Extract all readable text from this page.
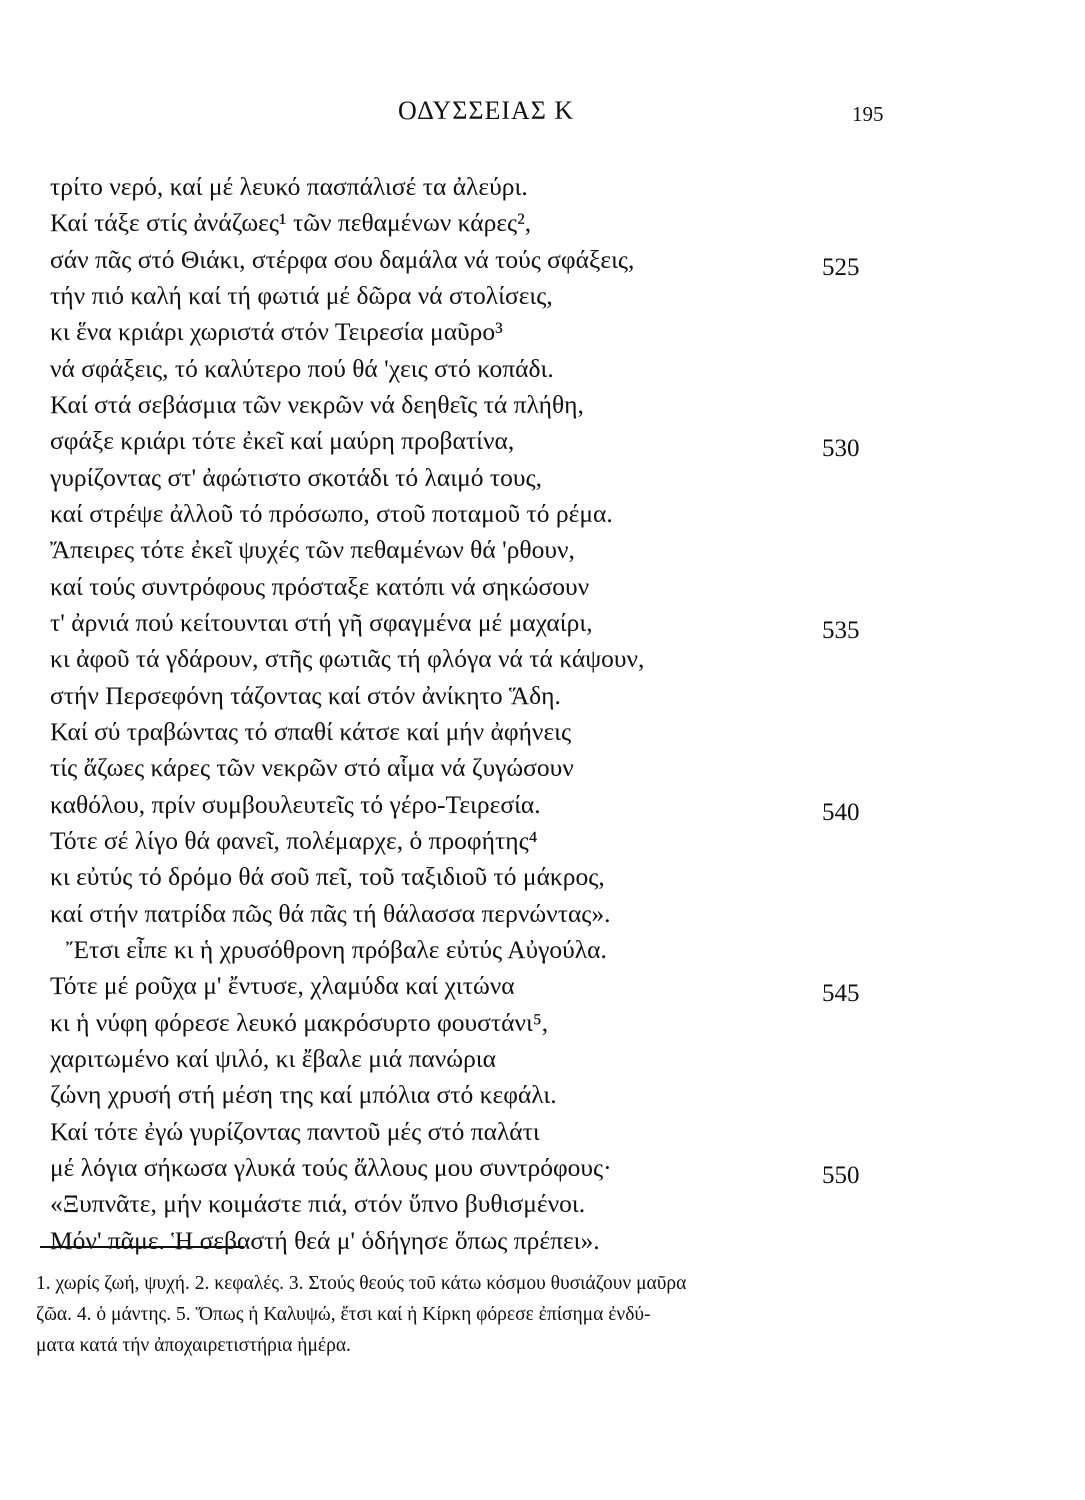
ΟΔΥΣΣΕΙΑΣ Κ	195
τρίτο νερό, καί μέ λευκό πασπάλισέ τα ἀλεύρι.
Καί τάξε στίς ἀνάζωες¹ τῶν πεθαμένων κάρες²,
σάν πᾶς στό Θιάκι, στέρφα σου δαμάλα νά τούς σφάξεις,	525
τήν πιό καλή καί τή φωτιά μέ δῶρα νά στολίσεις,
κι ἕνα κριάρι χωριστά στόν Τειρεσία μαῦρο³
νά σφάξεις, τό καλύτερο πού θά 'χεις στό κοπάδι.
Καί στά σεβάσμια τῶν νεκρῶν νά δεηθεῖς τά πλήθη,
σφάξε κριάρι τότε ἐκεῖ καί μαύρη προβατίνα,	530
γυρίζοντας στ' ἀφώτιστο σκοτάδι τό λαιμό τους,
καί στρέψε ἀλλοῦ τό πρόσωπο, στοῦ ποταμοῦ τό ρέμα.
Ἄπειρες τότε ἐκεῖ ψυχές τῶν πεθαμένων θά 'ρθουν,
καί τούς συντρόφους πρόσταξε κατόπι νά σηκώσουν
τ' ἀρνιά πού κείτουνται στή γῆ σφαγμένα μέ μαχαίρι,	535
κι ἀφοῦ τά γδάρουν, στῆς φωτιᾶς τή φλόγα νά τά κάψουν,
στήν Περσεφόνη τάζοντας καί στόν ἀνίκητο Ἅδη.
Καί σύ τραβώντας τό σπαθί κάτσε καί μήν ἀφήνεις
τίς ἄζωες κάρες τῶν νεκρῶν στό αἷμα νά ζυγώσουν
καθόλου, πρίν συμβουλευτεῖς τό γέρο-Τειρεσία.	540
Τότε σέ λίγο θά φανεῖ, πολέμαρχε, ὁ προφήτης⁴
κι εὐτύς τό δρόμο θά σοῦ πεῖ, τοῦ ταξιδιοῦ τό μάκρος,
καί στήν πατρίδα πῶς θά πᾶς τή θάλασσα περνώντας».
Ἔτσι εἶπε κι ἡ χρυσόθρονη πρόβαλε εὐτύς Αὐγούλα.
Τότε μέ ροῦχα μ' ἔντυσε, χλαμύδα καί χιτώνα	545
κι ἡ νύφη φόρεσε λευκό μακρόσυρτο φουστάνι⁵,
χαριτωμένο καί ψιλό, κι ἔβαλε μιά πανώρια
ζώνη χρυσή στή μέση της καί μπόλια στό κεφάλι.
Καί τότε ἐγώ γυρίζοντας παντοῦ μές στό παλάτι
μέ λόγια σήκωσα γλυκά τούς ἄλλους μου συντρόφους·	550
«Ξυπνᾶτε, μήν κοιμάστε πιά, στόν ὕπνο βυθισμένοι.
Μόν' πᾶμε. Ἡ σεβαστή θεά μ' ὁδήγησε ὅπως πρέπει».
1. χωρίς ζωή, ψυχή. 2. κεφαλές. 3. Στούς θεούς τοῦ κάτω κόσμου θυσιάζουν μαῦρα
ζῶα. 4. ὁ μάντης. 5. Ὅπως ἡ Καλυψώ, ἔτσι καί ἡ Κίρκη φόρεσε ἐπίσημα ἐνδύ-
ματα κατά τήν ἀποχαιρετιστήρια ἡμέρα.
